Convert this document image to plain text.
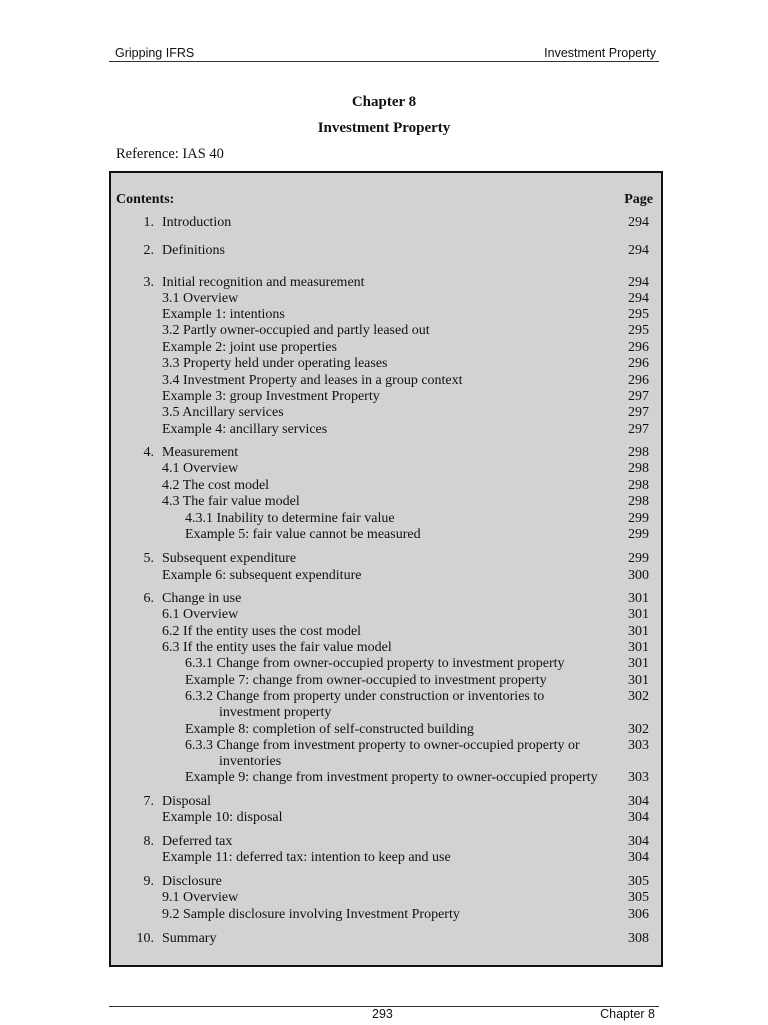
Gripping IFRS	Investment Property
Chapter 8
Investment Property
Reference: IAS 40
Contents:	Page
1. Introduction	294
2. Definitions	294
3. Initial recognition and measurement	294
3.1 Overview	294
Example 1: intentions	295
3.2 Partly owner-occupied and partly leased out	295
Example 2: joint use properties	296
3.3 Property held under operating leases	296
3.4 Investment Property and leases in a group context	296
Example 3: group Investment Property	297
3.5 Ancillary services	297
Example 4: ancillary services	297
4. Measurement	298
4.1 Overview	298
4.2 The cost model	298
4.3 The fair value model	298
4.3.1 Inability to determine fair value	299
Example 5: fair value cannot be measured	299
5. Subsequent expenditure	299
Example 6: subsequent expenditure	300
6. Change in use	301
6.1 Overview	301
6.2 If the entity uses the cost model	301
6.3 If the entity uses the fair value model	301
6.3.1 Change from owner-occupied property to investment property	301
Example 7: change from owner-occupied to investment property	301
6.3.2 Change from property under construction or inventories to	302
investment property
Example 8: completion of self-constructed building	302
6.3.3 Change from investment property to owner-occupied property or	303
inventories
Example 9: change from investment property to owner-occupied property 303
7. Disposal	304
Example 10: disposal	304
8. Deferred tax	304
Example 11: deferred tax: intention to keep and use	304
9. Disclosure	305
9.1 Overview	305
9.2 Sample disclosure involving Investment Property	306
10. Summary	308
293	Chapter 8
